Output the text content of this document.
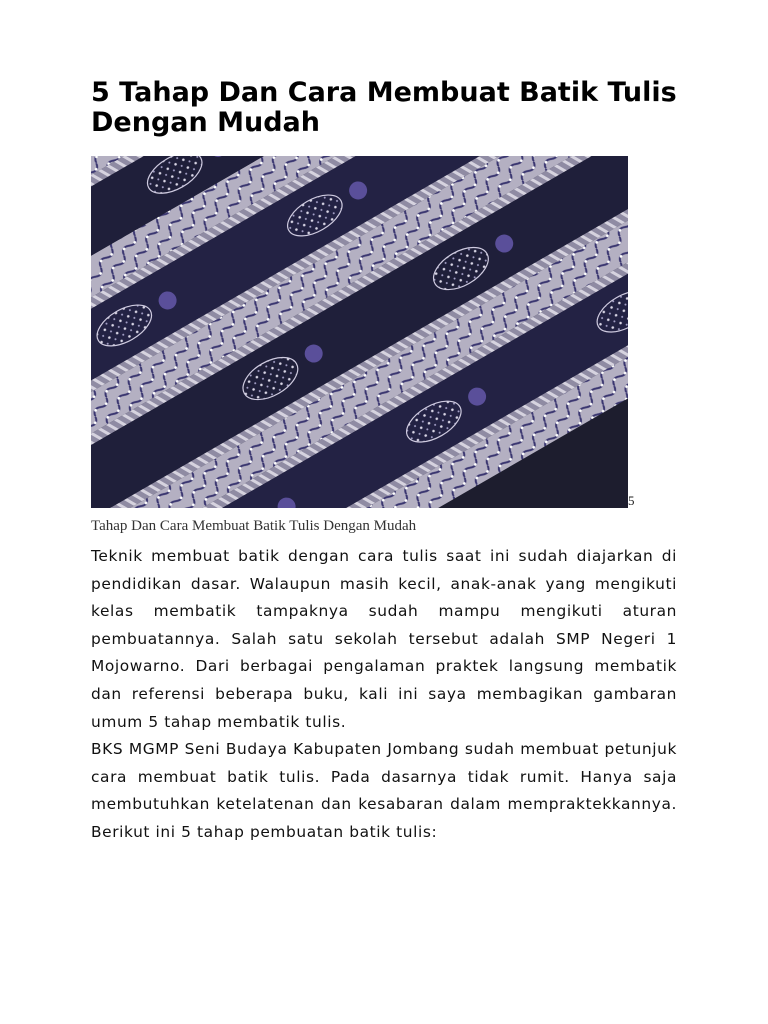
5 Tahap Dan Cara Membuat Batik Tulis Dengan Mudah
5

Tahap Dan Cara Membuat Batik Tulis Dengan Mudah

Teknik membuat batik dengan cara tulis saat ini sudah diajarkan di pendidikan dasar. Walaupun masih kecil, anak-anak yang mengikuti kelas membatik tampaknya sudah mampu mengikuti aturan pembuatannya. Salah satu sekolah tersebut adalah SMP Negeri 1 Mojowarno. Dari berbagai pengalaman praktek langsung membatik dan referensi beberapa buku, kali ini saya membagikan gambaran umum 5 tahap membatik tulis.

BKS MGMP Seni Budaya Kabupaten Jombang sudah membuat petunjuk cara membuat batik tulis. Pada dasarnya tidak rumit. Hanya saja membutuhkan ketelatenan dan kesabaran dalam mempraktekkannya. Berikut ini 5 tahap pembuatan batik tulis:
